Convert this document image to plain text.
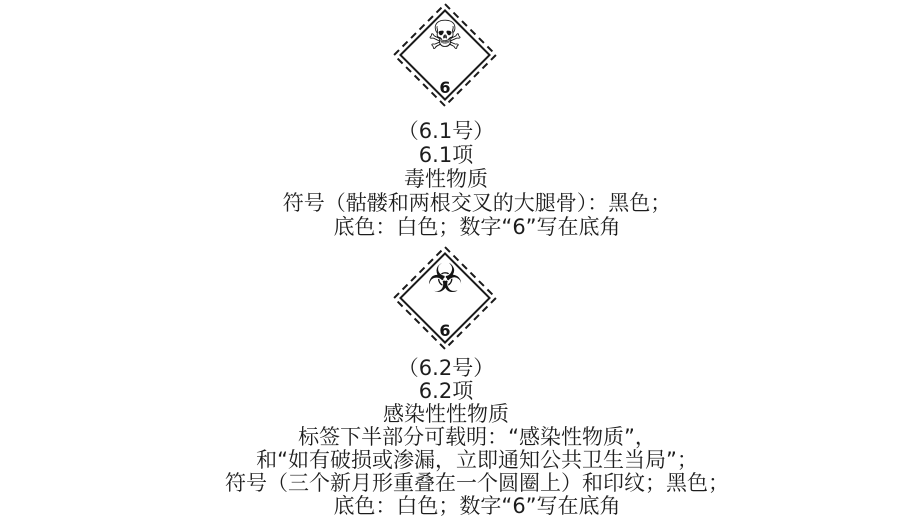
☠
6
（6.1号）
6.1项
毒性物质
符号（骷髅和两根交叉的大腿骨）：黑色；
底色：白色；数字“6”写在底角
☣
6
（6.2号）
6.2项
感染性性物质
标签下半部分可载明：“感染性物质”，
和“如有破损或渗漏，立即通知公共卫生当局”；
符号（三个新月形重叠在一个圆圈上）和印纹；黑色；
底色：白色；数字“6”写在底角
